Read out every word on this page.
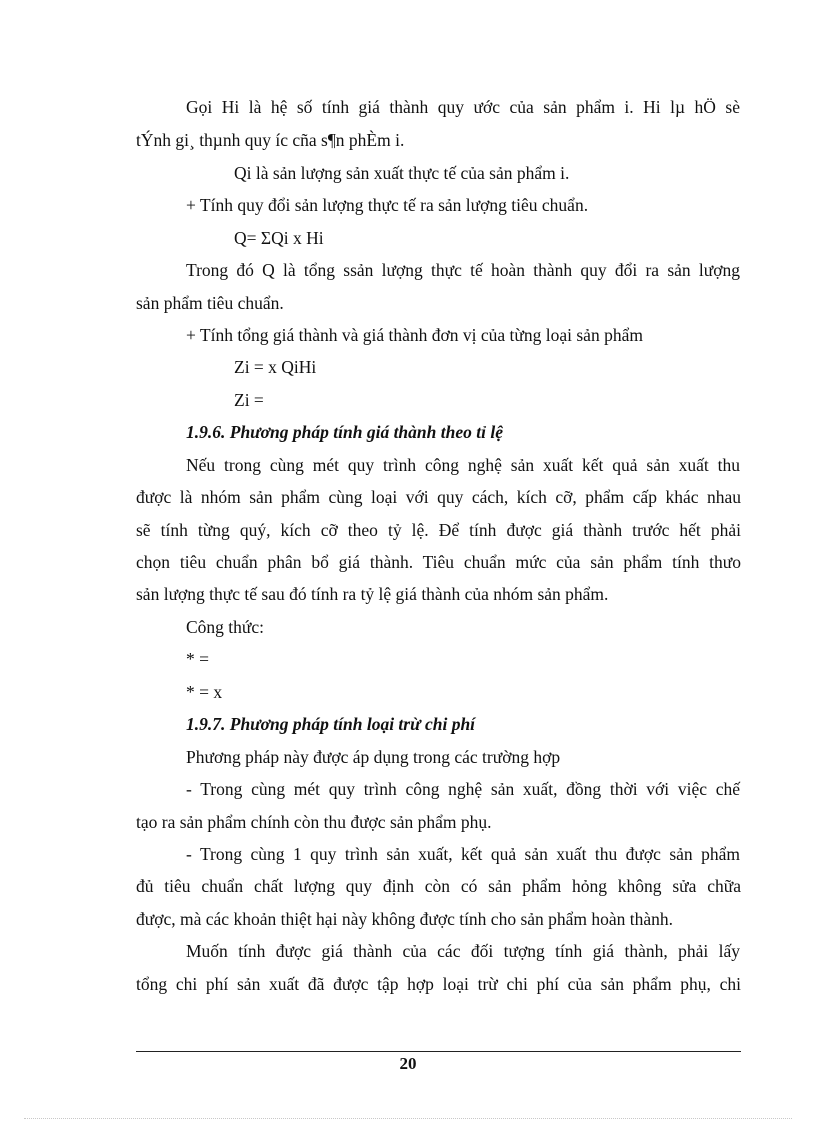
Gọi Hi là hệ số tính giá thành quy ước của sản phẩm i. Hi lµ hÖ sè
tÝnh gi¸ thµnh quy íc cña s¶n phÈm i.
Qi là sản lượng sản xuất thực tế của sản phẩm i.
+ Tính quy đổi sản lượng thực tế ra sản lượng tiêu chuẩn.
Q= ΣQi x Hi
Trong đó Q là tổng ssản lượng thực tế hoàn thành quy đổi ra sản lượng
sản phẩm tiêu chuẩn.
+ Tính tổng giá thành và giá thành đơn vị của từng loại sản phẩm
Zi = x QiHi
Zi =
1.9.6. Phương pháp tính giá thành theo tỉ lệ
Nếu trong cùng mét quy trình công nghệ sản xuất kết quả sản xuất thu
được là nhóm sản phẩm cùng loại với quy cách, kích cỡ, phẩm cấp khác nhau
sẽ tính từng quý, kích cỡ theo tỷ lệ. Để tính được giá thành trước hết phải
chọn tiêu chuẩn phân bổ giá thành. Tiêu chuẩn mức của sản phẩm tính thưo
sản lượng thực tế sau đó tính ra tỷ lệ giá thành của nhóm sản phẩm.
Công thức:
* =
* = x
1.9.7. Phương pháp tính loại trừ chi phí
Phương pháp này được áp dụng trong các trường hợp
- Trong cùng mét quy trình công nghệ sản xuất, đồng thời với việc chế
tạo ra sản phẩm chính còn thu được sản phẩm phụ.
- Trong cùng 1 quy trình sản xuất, kết quả sản xuất thu được sản phẩm
đủ tiêu chuẩn chất lượng quy định còn có sản phẩm hỏng không sửa chữa
được, mà các khoản thiệt hại này không được tính cho sản phẩm hoàn thành.
Muốn tính được giá thành của các đối tượng tính giá thành, phải lấy
tổng chi phí sản xuất đã được tập hợp loại trừ chi phí của sản phẩm phụ, chi
20
